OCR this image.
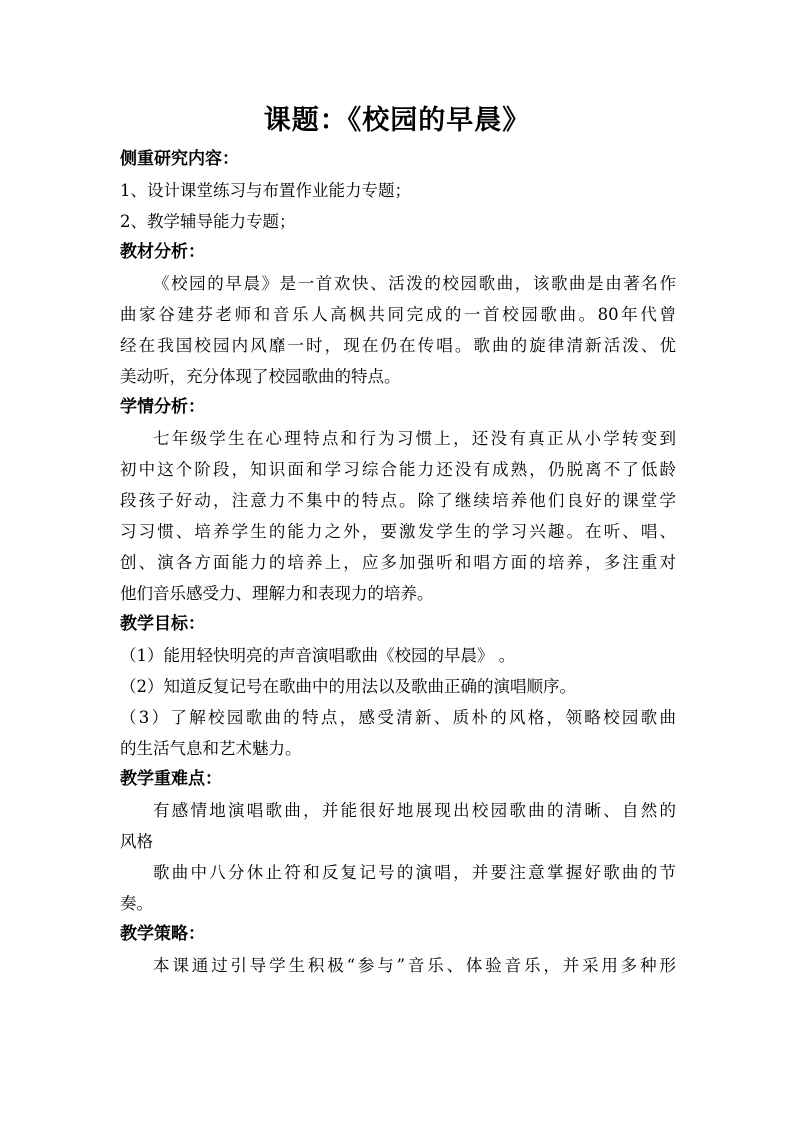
课题：《校园的早晨》
侧重研究内容：
1、设计课堂练习与布置作业能力专题；
2、教学辅导能力专题；
教材分析：
《校园的早晨》是一首欢快、活泼的校园歌曲，该歌曲是由著名作
曲家谷建芬老师和音乐人高枫共同完成的一首校园歌曲。80年代曾
经在我国校园内风靡一时，现在仍在传唱。歌曲的旋律清新活泼、优
美动听，充分体现了校园歌曲的特点。
学情分析：
七年级学生在心理特点和行为习惯上，还没有真正从小学转变到
初中这个阶段，知识面和学习综合能力还没有成熟，仍脱离不了低龄
段孩子好动，注意力不集中的特点。除了继续培养他们良好的课堂学
习习惯、培养学生的能力之外，要激发学生的学习兴趣。在听、唱、
创、演各方面能力的培养上，应多加强听和唱方面的培养，多注重对
他们音乐感受力、理解力和表现力的培养。
教学目标：
（1）能用轻快明亮的声音演唱歌曲《校园的早晨》 。
（2）知道反复记号在歌曲中的用法以及歌曲正确的演唱顺序。
（3）了解校园歌曲的特点，感受清新、质朴的风格，领略校园歌曲
的生活气息和艺术魅力。
教学重难点：
有感情地演唱歌曲，并能很好地展现出校园歌曲的清晰、自然的
风格
歌曲中八分休止符和反复记号的演唱，并要注意掌握好歌曲的节
奏。
教学策略：
本课通过引导学生积极“参与”音乐、体验音乐，并采用多种形
